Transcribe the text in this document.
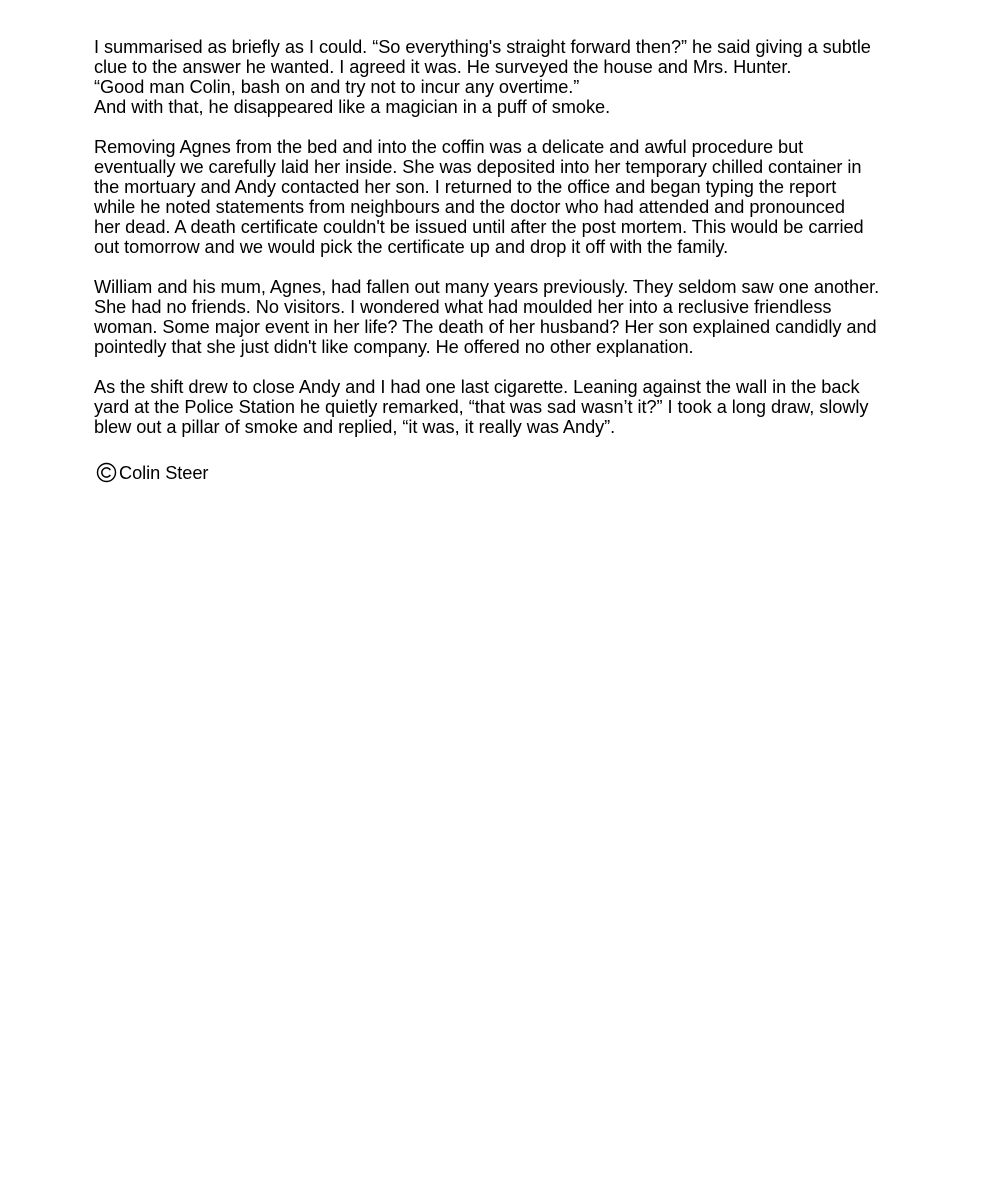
I summarised as briefly as I could. “So everything's straight forward then?” he said giving a subtle
clue to the answer he wanted. I agreed it was. He surveyed the house and Mrs. Hunter.
“Good man Colin, bash on and try not to incur any overtime.”
And with that, he disappeared like a magician in a puff of smoke.

Removing Agnes from the bed and into the coffin was a delicate and awful procedure but
eventually we carefully laid her inside. She was deposited into her temporary chilled container in
the mortuary and Andy contacted her son. I returned to the office and began typing the report
while he noted statements from neighbours and the doctor who had attended and pronounced
her dead. A death certificate couldn't be issued until after the post mortem. This would be carried
out tomorrow and we would pick the certificate up and drop it off with the family.

William and his mum, Agnes, had fallen out many years previously. They seldom saw one another.
She had no friends. No visitors. I wondered what had moulded her into a reclusive friendless
woman. Some major event in her life? The death of her husband? Her son explained candidly and
pointedly that she just didn't like company. He offered no other explanation.

As the shift drew to close Andy and I had one last cigarette. Leaning against the wall in the back
yard at the Police Station he quietly remarked, “that was sad wasn’t it?” I took a long draw, slowly
blew out a pillar of smoke and replied, “it was, it really was Andy”.

Colin Steer
